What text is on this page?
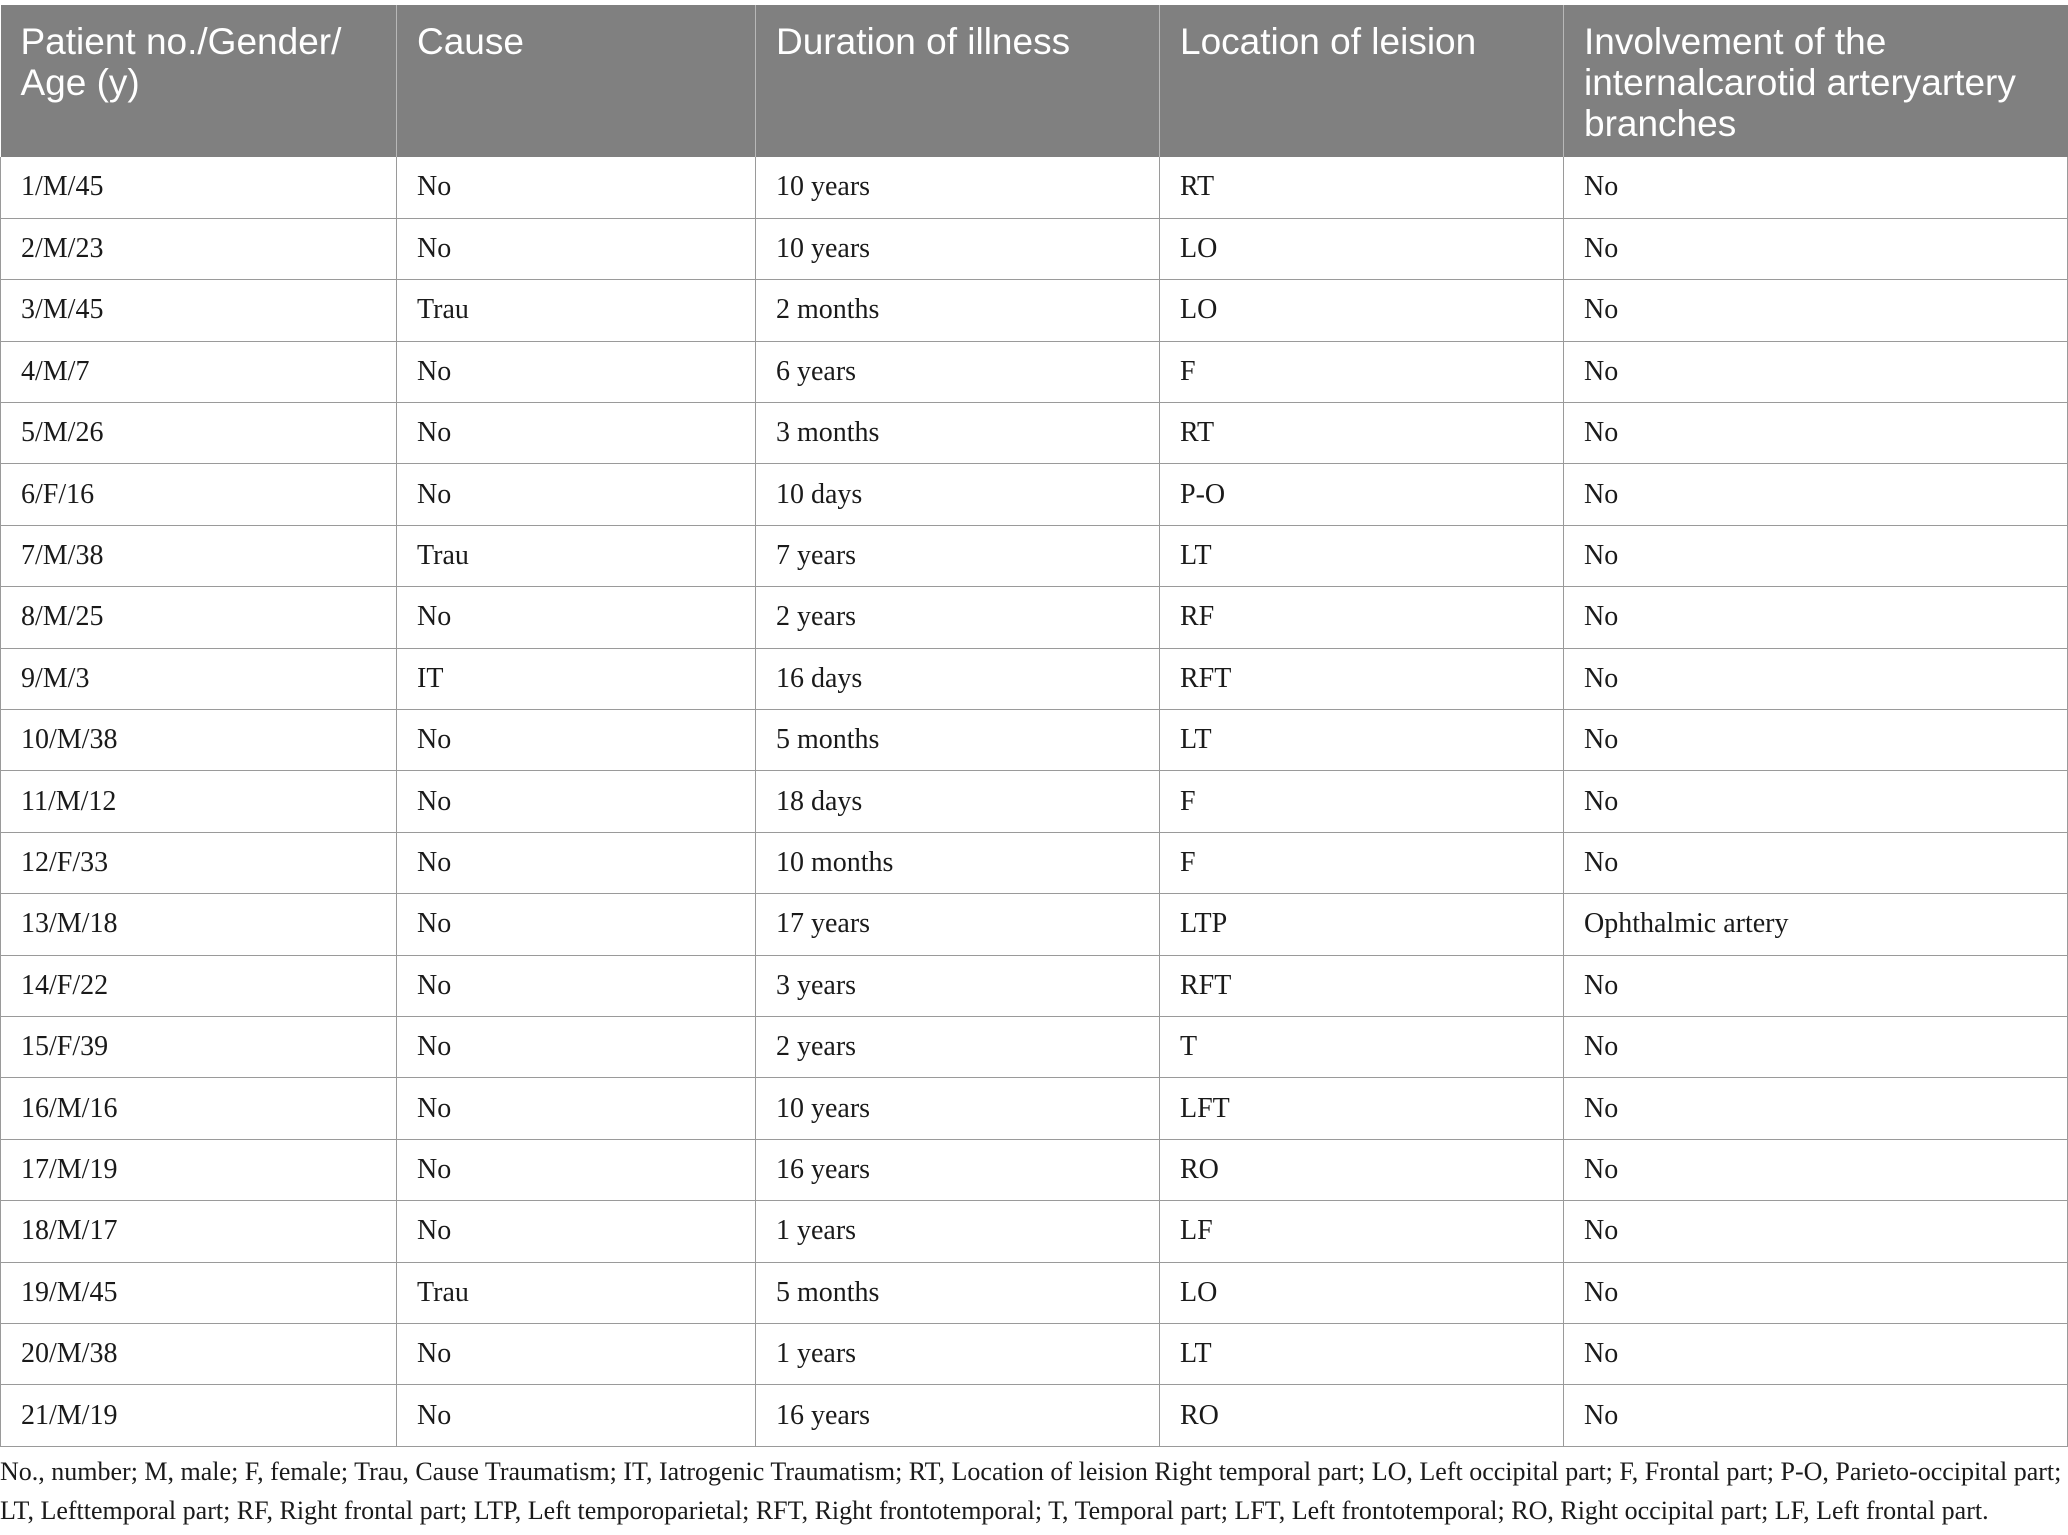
Patient no./Gender/
Age (y)	Cause	Duration of illness	Location of leision	Involvement of the internalcarotid arteryartery branches
1/M/45	No	10 years	RT	No
2/M/23	No	10 years	LO	No
3/M/45	Trau	2 months	LO	No
4/M/7	No	6 years	F	No
5/M/26	No	3 months	RT	No
6/F/16	No	10 days	P-O	No
7/M/38	Trau	7 years	LT	No
8/M/25	No	2 years	RF	No
9/M/3	IT	16 days	RFT	No
10/M/38	No	5 months	LT	No
11/M/12	No	18 days	F	No
12/F/33	No	10 months	F	No
13/M/18	No	17 years	LTP	Ophthalmic artery
14/F/22	No	3 years	RFT	No
15/F/39	No	2 years	T	No
16/M/16	No	10 years	LFT	No
17/M/19	No	16 years	RO	No
18/M/17	No	1 years	LF	No
19/M/45	Trau	5 months	LO	No
20/M/38	No	1 years	LT	No
21/M/19	No	16 years	RO	No

No., number; M, male; F, female; Trau, Cause Traumatism; IT, Iatrogenic Traumatism; RT, Location of leision Right temporal part; LO, Left occipital part; F, Frontal part; P-O, Parieto-occipital part; LT, Lefttemporal part; RF, Right frontal part; LTP, Left temporoparietal; RFT, Right frontotemporal; T, Temporal part; LFT, Left frontotemporal; RO, Right occipital part; LF, Left frontal part.
